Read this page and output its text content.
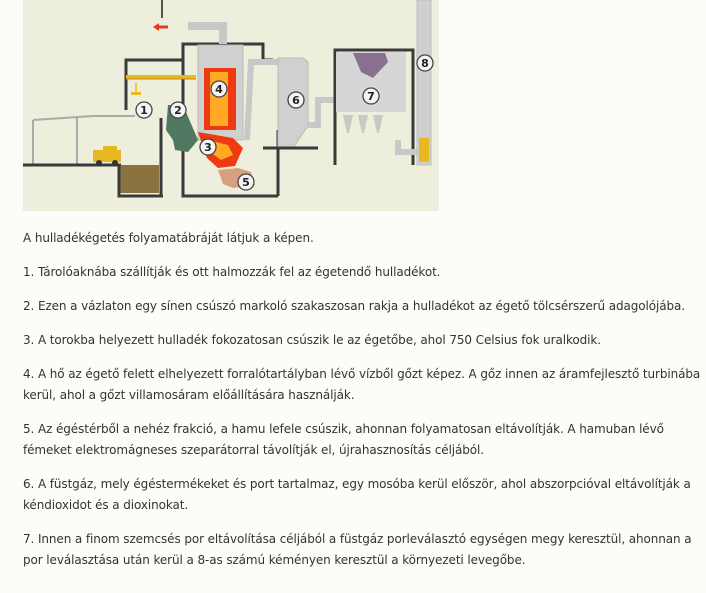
1 2
3
4
5
6	7
8

A hulladékégetés folyamatábráját látjuk a képen.

1. Tárolóaknába szállítják és ott halmozzák fel az égetendő hulladékot.

2. Ezen a vázlaton egy sínen csúszó markoló szakaszosan rakja a hulladékot az égető tölcsérszerű adagolójába.

3. A torokba helyezett hulladék fokozatosan csúszik le az égetőbe, ahol 750 Celsius fok uralkodik.

4. A hő az égető felett elhelyezett forralótartályban lévő vízből gőzt képez. A gőz innen az áramfejlesztő turbinába kerül, ahol a gőzt villamosáram előállítására használják.

5. Az égéstérből a nehéz frakció, a hamu lefele csúszik, ahonnan folyamatosan eltávolítják. A hamuban lévő fémeket elektromágneses szeparátorral távolítják el, újrahasznosítás céljából.

6. A füstgáz, mely égéstermékeket és port tartalmaz, egy mosóba kerül először, ahol abszorpcióval eltávolítják a kéndioxidot és a dioxinokat.

7. Innen a finom szemcsés por eltávolítása céljából a füstgáz porleválasztó egységen megy keresztül, ahonnan a por leválasztása után kerül a 8-as számú kéményen keresztül a környezeti levegőbe.
